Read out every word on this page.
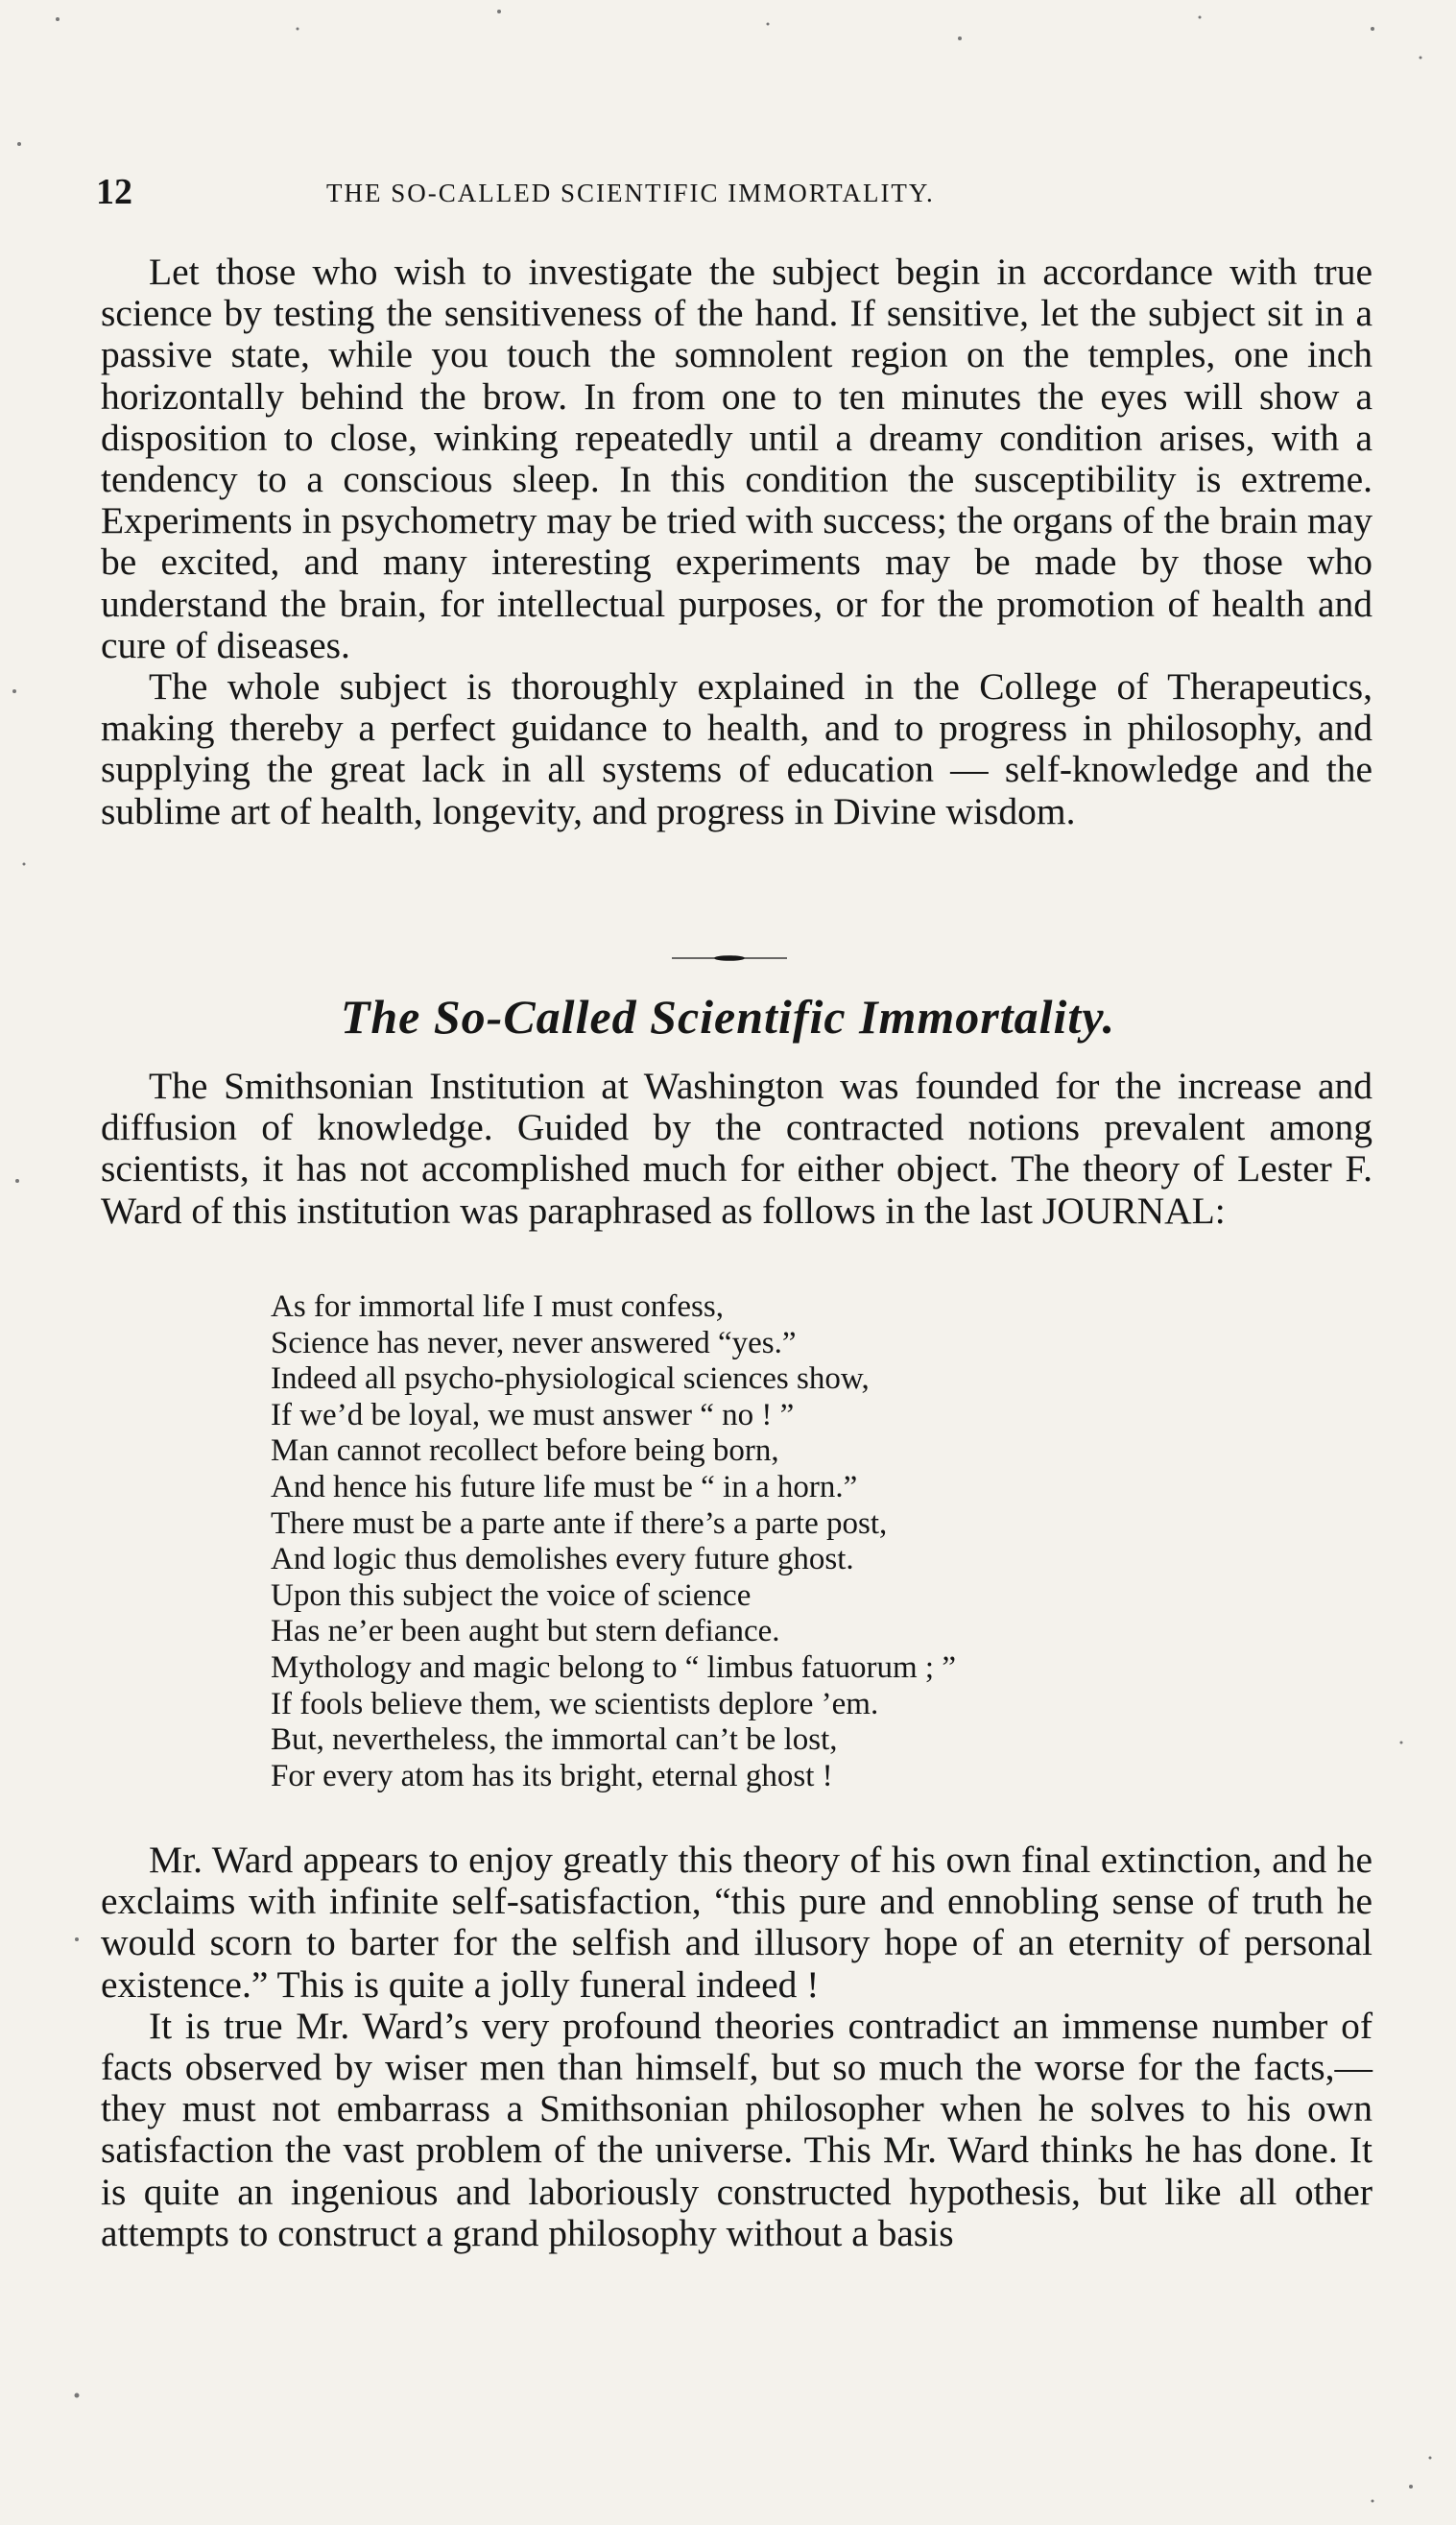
12	THE SO-CALLED SCIENTIFIC IMMORTALITY.

Let those who wish to investigate the subject begin in accordance with true science by testing the sensitiveness of the hand. If sensitive, let the subject sit in a passive state, while you touch the somnolent region on the temples, one inch horizontally behind the brow. In from one to ten minutes the eyes will show a disposition to close, winking repeatedly until a dreamy condition arises, with a tendency to a conscious sleep. In this condition the susceptibility is extreme. Experiments in psychometry may be tried with success; the organs of the brain may be excited, and many interesting experiments may be made by those who understand the brain, for intellectual purposes, or for the promotion of health and cure of diseases.

The whole subject is thoroughly explained in the College of Therapeutics, making thereby a perfect guidance to health, and to progress in philosophy, and supplying the great lack in all systems of education — self-knowledge and the sublime art of health, longevity, and progress in Divine wisdom.

The So-Called Scientific Immortality.

The Smithsonian Institution at Washington was founded for the increase and diffusion of knowledge. Guided by the contracted notions prevalent among scientists, it has not accomplished much for either object. The theory of Lester F. Ward of this institution was paraphrased as follows in the last JOURNAL:

As for immortal life I must confess,
Science has never, never answered “yes.”
Indeed all psycho-physiological sciences show,
If we’d be loyal, we must answer “ no ! ”
Man cannot recollect before being born,
And hence his future life must be “ in a horn.”
There must be a parte ante if there’s a parte post,
And logic thus demolishes every future ghost.
Upon this subject the voice of science
Has ne’er been aught but stern defiance.
Mythology and magic belong to “ limbus fatuorum ; ”
If fools believe them, we scientists deplore ’em.
But, nevertheless, the immortal can’t be lost,
For every atom has its bright, eternal ghost !

Mr. Ward appears to enjoy greatly this theory of his own final extinction, and he exclaims with infinite self-satisfaction, “this pure and ennobling sense of truth he would scorn to barter for the selfish and illusory hope of an eternity of personal existence.” This is quite a jolly funeral indeed !

It is true Mr. Ward’s very profound theories contradict an immense number of facts observed by wiser men than himself, but so much the worse for the facts,— they must not embarrass a Smithsonian philosopher when he solves to his own satisfaction the vast problem of the universe. This Mr. Ward thinks he has done. It is quite an ingenious and laboriously constructed hypothesis, but like all other attempts to construct a grand philosophy without a basis
